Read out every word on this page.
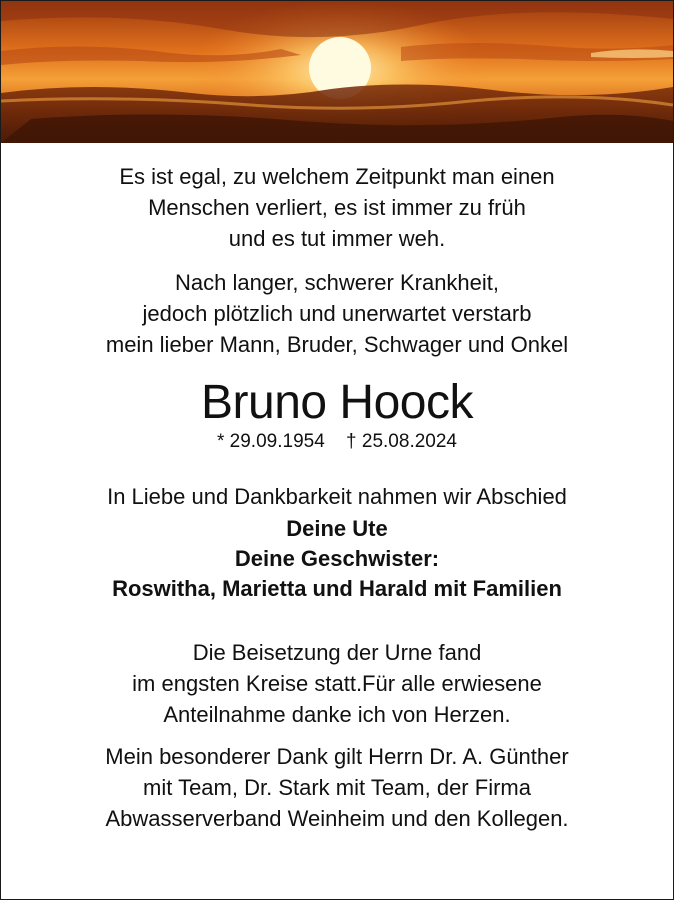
Es ist egal, zu welchem Zeitpunkt man einen
Menschen verliert, es ist immer zu früh
und es tut immer weh.
Nach langer, schwerer Krankheit,
jedoch plötzlich und unerwartet verstarb
mein lieber Mann, Bruder, Schwager und Onkel
Bruno Hoock
* 29.09.1954 † 25.08.2024
In Liebe und Dankbarkeit nahmen wir Abschied
Deine Ute
Deine Geschwister:
Roswitha, Marietta und Harald mit Familien
Die Beisetzung der Urne fand
im engsten Kreise statt.Für alle erwiesene
Anteilnahme danke ich von Herzen.
Mein besonderer Dank gilt Herrn Dr. A. Günther
mit Team, Dr. Stark mit Team, der Firma
Abwasserverband Weinheim und den Kollegen.
